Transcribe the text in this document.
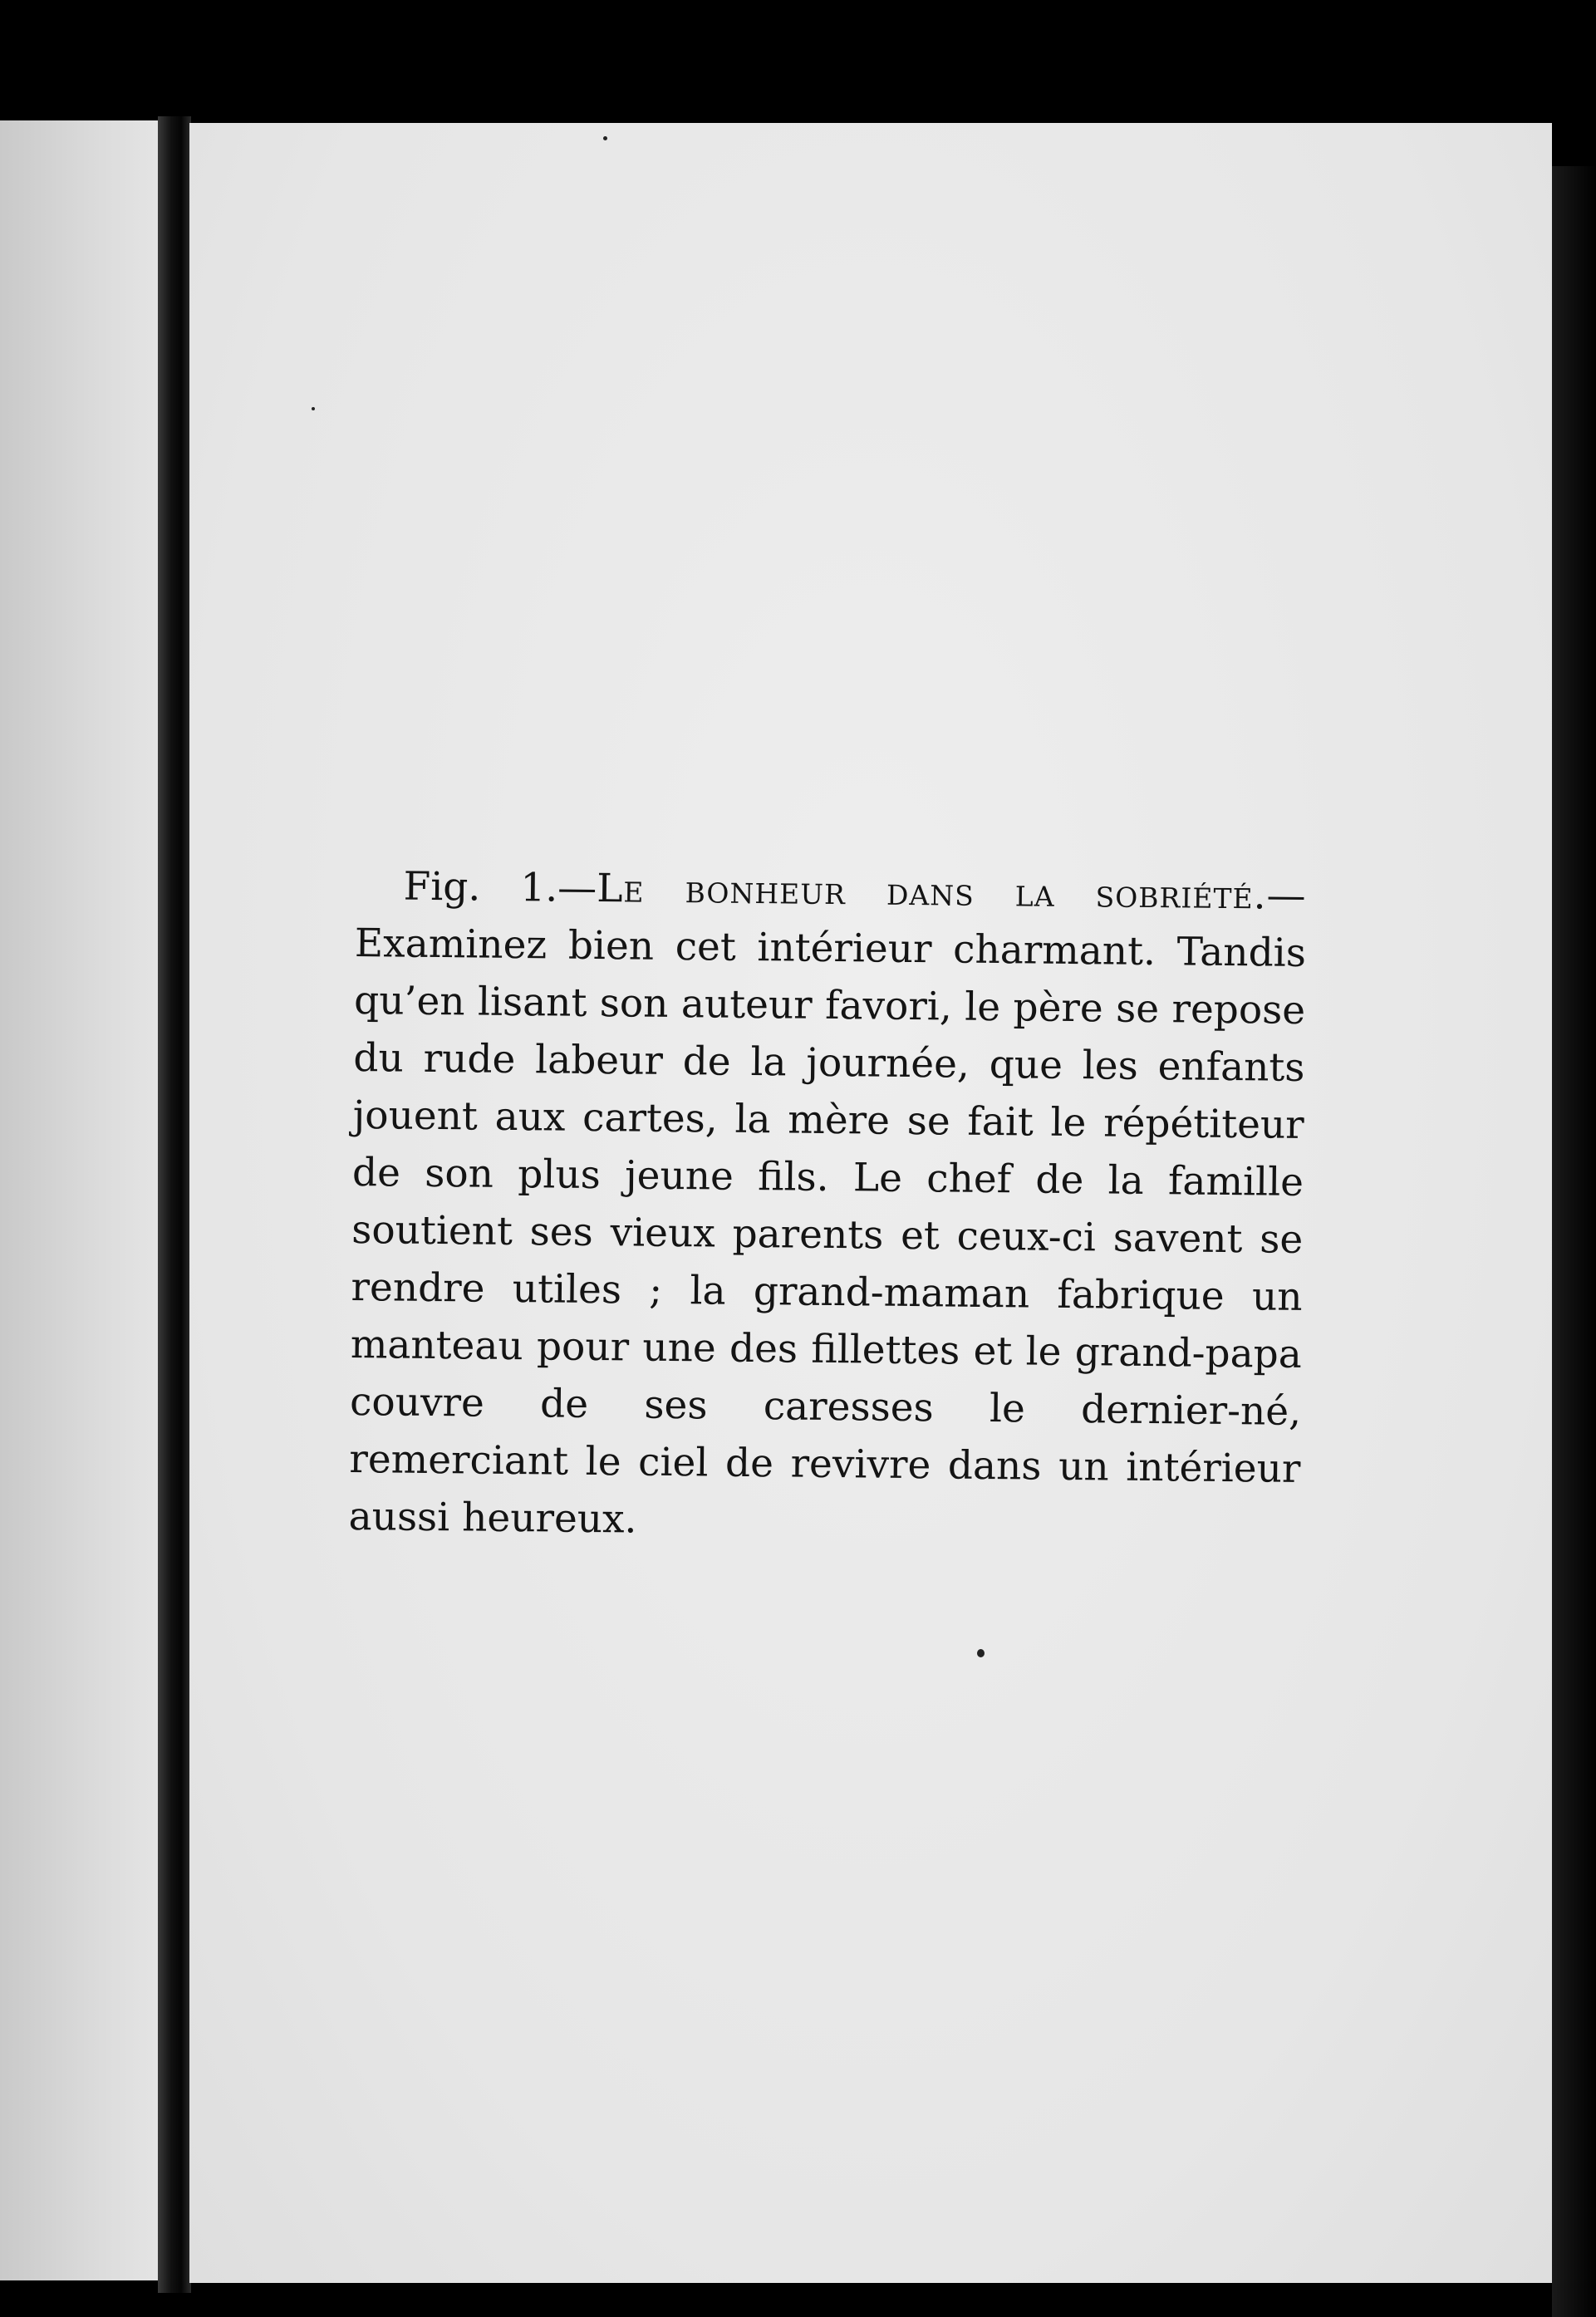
Fig. 1.—Le bonheur dans la sobriété.— Examinez bien cet intérieur charmant. Tandis qu’en lisant son auteur favori, le père se repose du rude labeur de la journée, que les enfants jouent aux cartes, la mère se fait le répétiteur de son plus jeune fils. Le chef de la famille soutient ses vieux parents et ceux-ci savent se rendre utiles ; la grand-maman fabrique un manteau pour une des fillettes et le grand-papa couvre de ses caresses le dernier-né, remerciant le ciel de revivre dans un intérieur aussi heureux.
